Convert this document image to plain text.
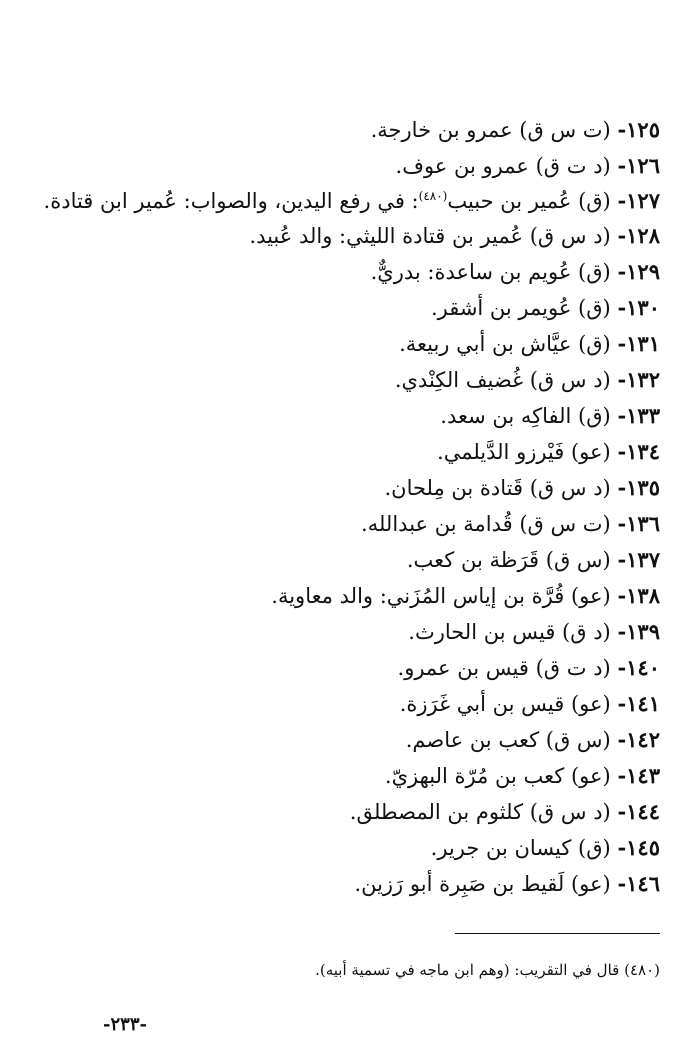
١٢٥- (ت س ق) عمرو بن خارجة.

١٢٦- (د ت ق) عمرو بن عوف.

١٢٧- (ق) عُمير بن حبيب$^{(٤٨٠)}$: في رفع اليدين، والصواب: عُمير ابن قتادة.

١٢٨- (د س ق) عُمير بن قتادة الليثي: والد عُبيد.

١٢٩- (ق) عُويم بن ساعدة: بدريٌّ.

١٣٠- (ق) عُويمر بن أشقر.

١٣١- (ق) عيَّاش بن أبي ربيعة.

١٣٢- (د س ق) غُضيف الكِنْدي.

١٣٣- (ق) الفاكِه بن سعد.

١٣٤- (عو) فَيْرزو الدَّيلمي.

١٣٥- (د س ق) قَتادة بن مِلحان.

١٣٦- (ت س ق) قُدامة بن عبدالله.

١٣٧- (س ق) قَرَظة بن كعب.

١٣٨- (عو) قُرَّة بن إياس المُزَني: والد معاوية.

١٣٩- (د ق) قيس بن الحارث.

١٤٠- (د ت ق) قيس بن عمرو.

١٤١- (عو) قيس بن أبي غَرَزة.

١٤٢- (س ق) كعب بن عاصم.

١٤٣- (عو) كعب بن مُرّة البهزيّ.

١٤٤- (د س ق) كلثوم بن المصطلق.

١٤٥- (ق) كيسان بن جرير.

١٤٦- (عو) لَقيط بن صَبِرة أبو رَزين.

(٤٨٠) قال في التقريب: (وهم ابن ماجه في تسمية أبيه).
-٢٣٣-
